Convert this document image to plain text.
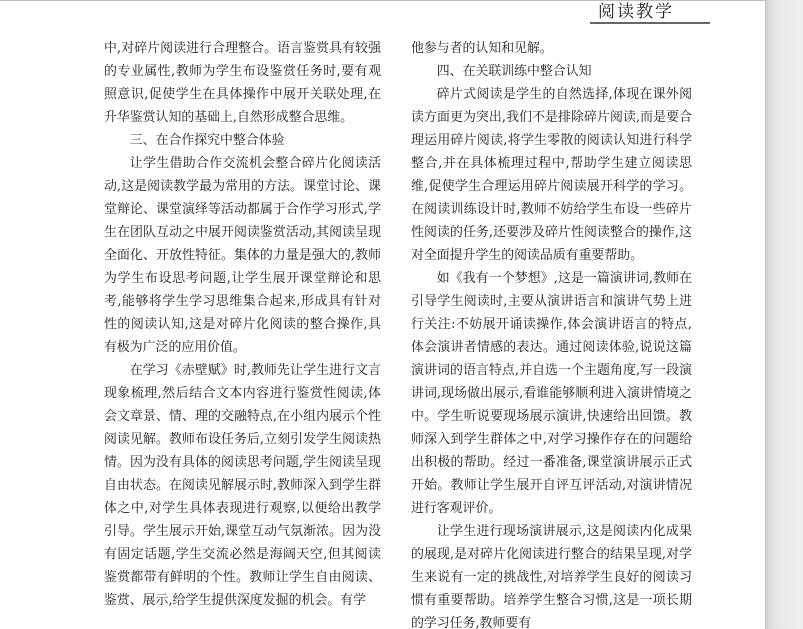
阅读教学

中,对碎片阅读进行合理整合。语言鉴赏具有较强的专业属性,教师为学生布设鉴赏任务时,要有观照意识,促使学生在具体操作中展开关联处理,在升华鉴赏认知的基础上,自然形成整合思维。

三、在合作探究中整合体验

让学生借助合作交流机会整合碎片化阅读活动,这是阅读教学最为常用的方法。课堂讨论、课堂辩论、课堂演绎等活动都属于合作学习形式,学生在团队互动之中展开阅读鉴赏活动,其阅读呈现全面化、开放性特征。集体的力量是强大的,教师为学生布设思考问题,让学生展开课堂辩论和思考,能够将学生学习思维集合起来,形成具有针对性的阅读认知,这是对碎片化阅读的整合操作,具有极为广泛的应用价值。

在学习《赤壁赋》时,教师先让学生进行文言现象梳理,然后结合文本内容进行鉴赏性阅读,体会文章景、情、理的交融特点,在小组内展示个性阅读见解。教师布设任务后,立刻引发学生阅读热情。因为没有具体的阅读思考问题,学生阅读呈现自由状态。在阅读见解展示时,教师深入到学生群体之中,对学生具体表现进行观察,以便给出教学引导。学生展示开始,课堂互动气氛渐浓。因为没有固定话题,学生交流必然是海阔天空,但其阅读鉴赏都带有鲜明的个性。教师让学生自由阅读、鉴赏、展示,给学生提供深度发掘的机会。有学

他参与者的认知和见解。

四、在关联训练中整合认知

碎片式阅读是学生的自然选择,体现在课外阅读方面更为突出,我们不是排除碎片阅读,而是要合理运用碎片阅读,将学生零散的阅读认知进行科学整合,并在具体梳理过程中,帮助学生建立阅读思维,促使学生合理运用碎片阅读展开科学的学习。在阅读训练设计时,教师不妨给学生布设一些碎片性阅读的任务,还要涉及碎片性阅读整合的操作,这对全面提升学生的阅读品质有重要帮助。

如《我有一个梦想》,这是一篇演讲词,教师在引导学生阅读时,主要从演讲语言和演讲气势上进行关注:不妨展开诵读操作,体会演讲语言的特点,体会演讲者情感的表达。通过阅读体验,说说这篇演讲词的语言特点,并自选一个主题角度,写一段演讲词,现场做出展示,看谁能够顺利进入演讲情境之中。学生听说要现场展示演讲,快速给出回馈。教师深入到学生群体之中,对学习操作存在的问题给出积极的帮助。经过一番准备,课堂演讲展示正式开始。教师让学生展开自评互评活动,对演讲情况进行客观评价。

让学生进行现场演讲展示,这是阅读内化成果的展现,是对碎片化阅读进行整合的结果呈现,对学生来说有一定的挑战性,对培养学生良好的阅读习惯有重要帮助。培养学生整合习惯,这是一项长期的学习任务,教师要有
